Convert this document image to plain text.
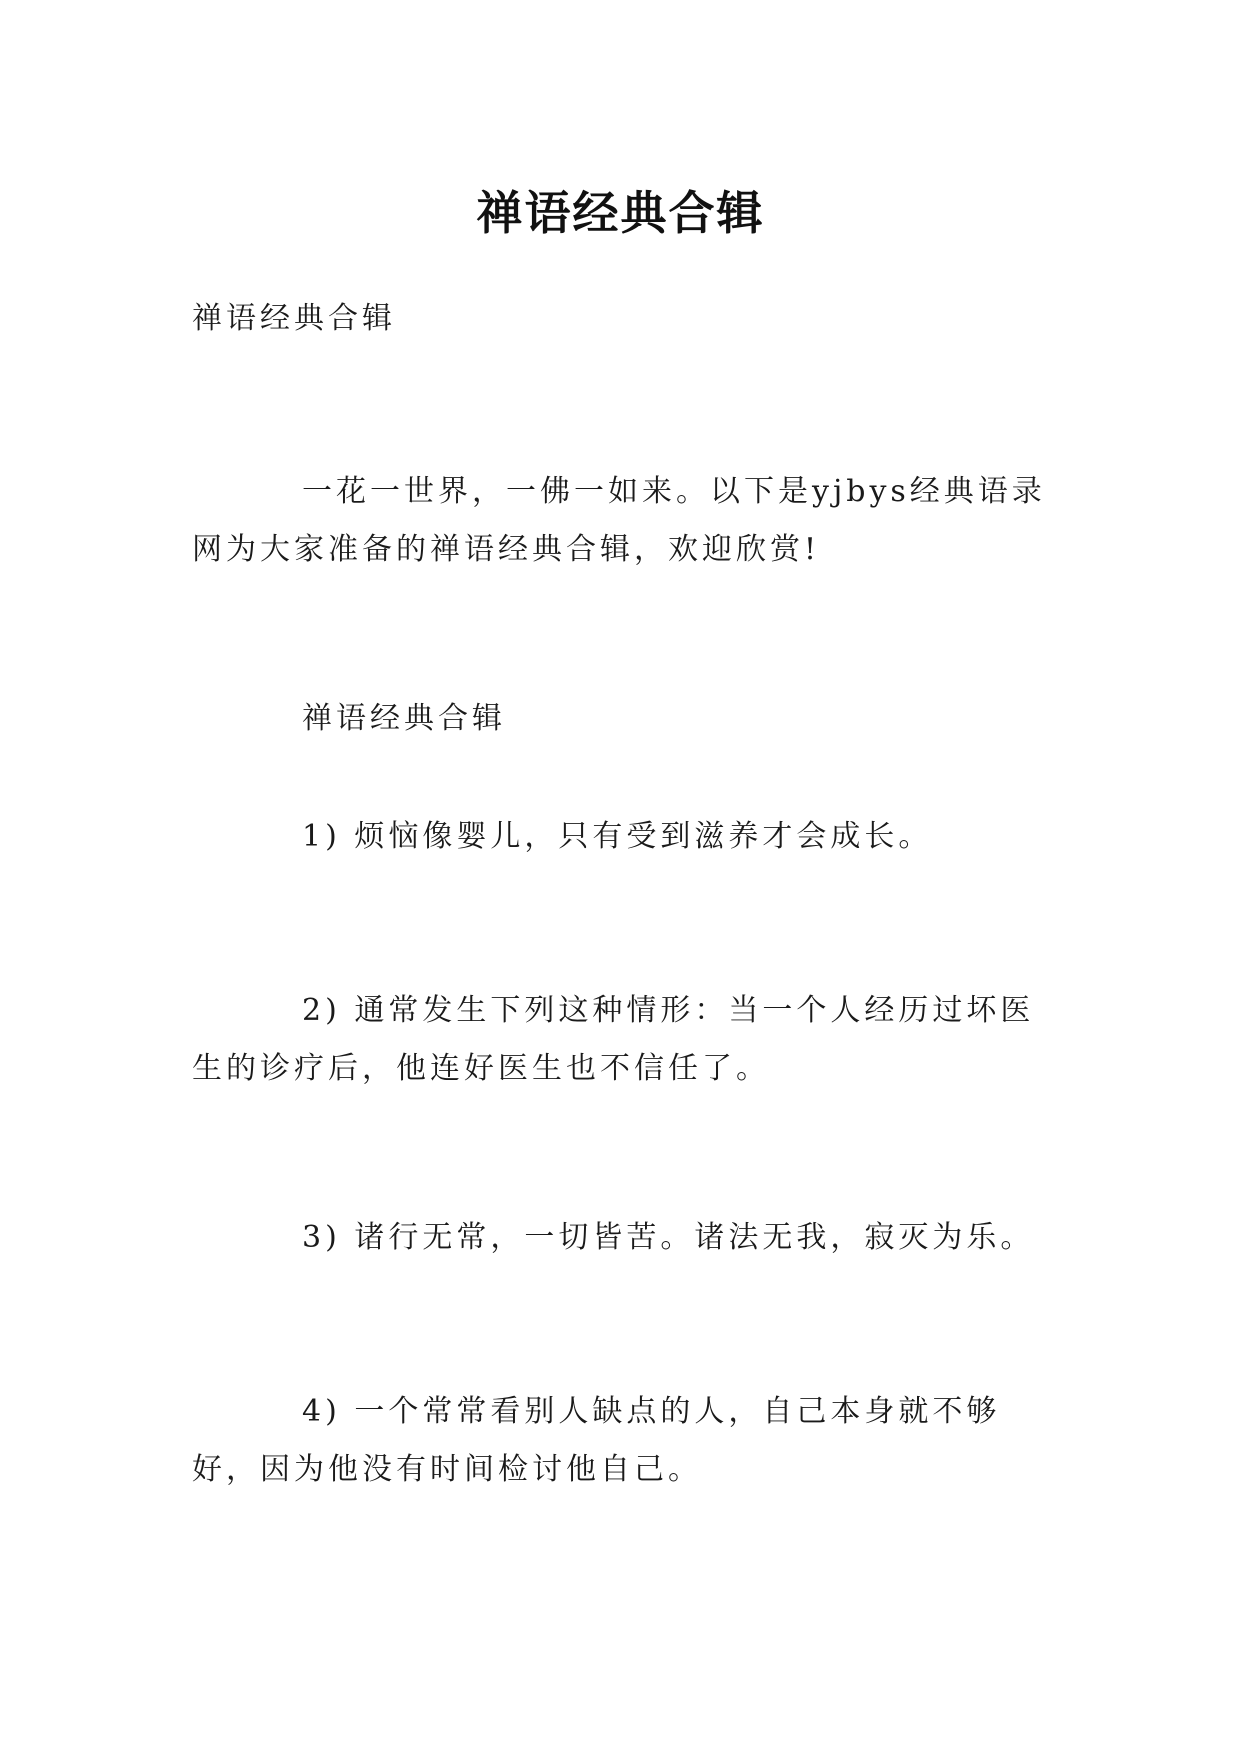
禅语经典合辑

禅语经典合辑

一花一世界，一佛一如来。以下是yjbys经典语录网为大家准备的禅语经典合辑，欢迎欣赏!

禅语经典合辑

1) 烦恼像婴儿，只有受到滋养才会成长。

2) 通常发生下列这种情形：当一个人经历过坏医生的诊疗后，他连好医生也不信任了。

3) 诸行无常，一切皆苦。诸法无我，寂灭为乐。

4) 一个常常看别人缺点的人，自己本身就不够好，因为他没有时间检讨他自己。
